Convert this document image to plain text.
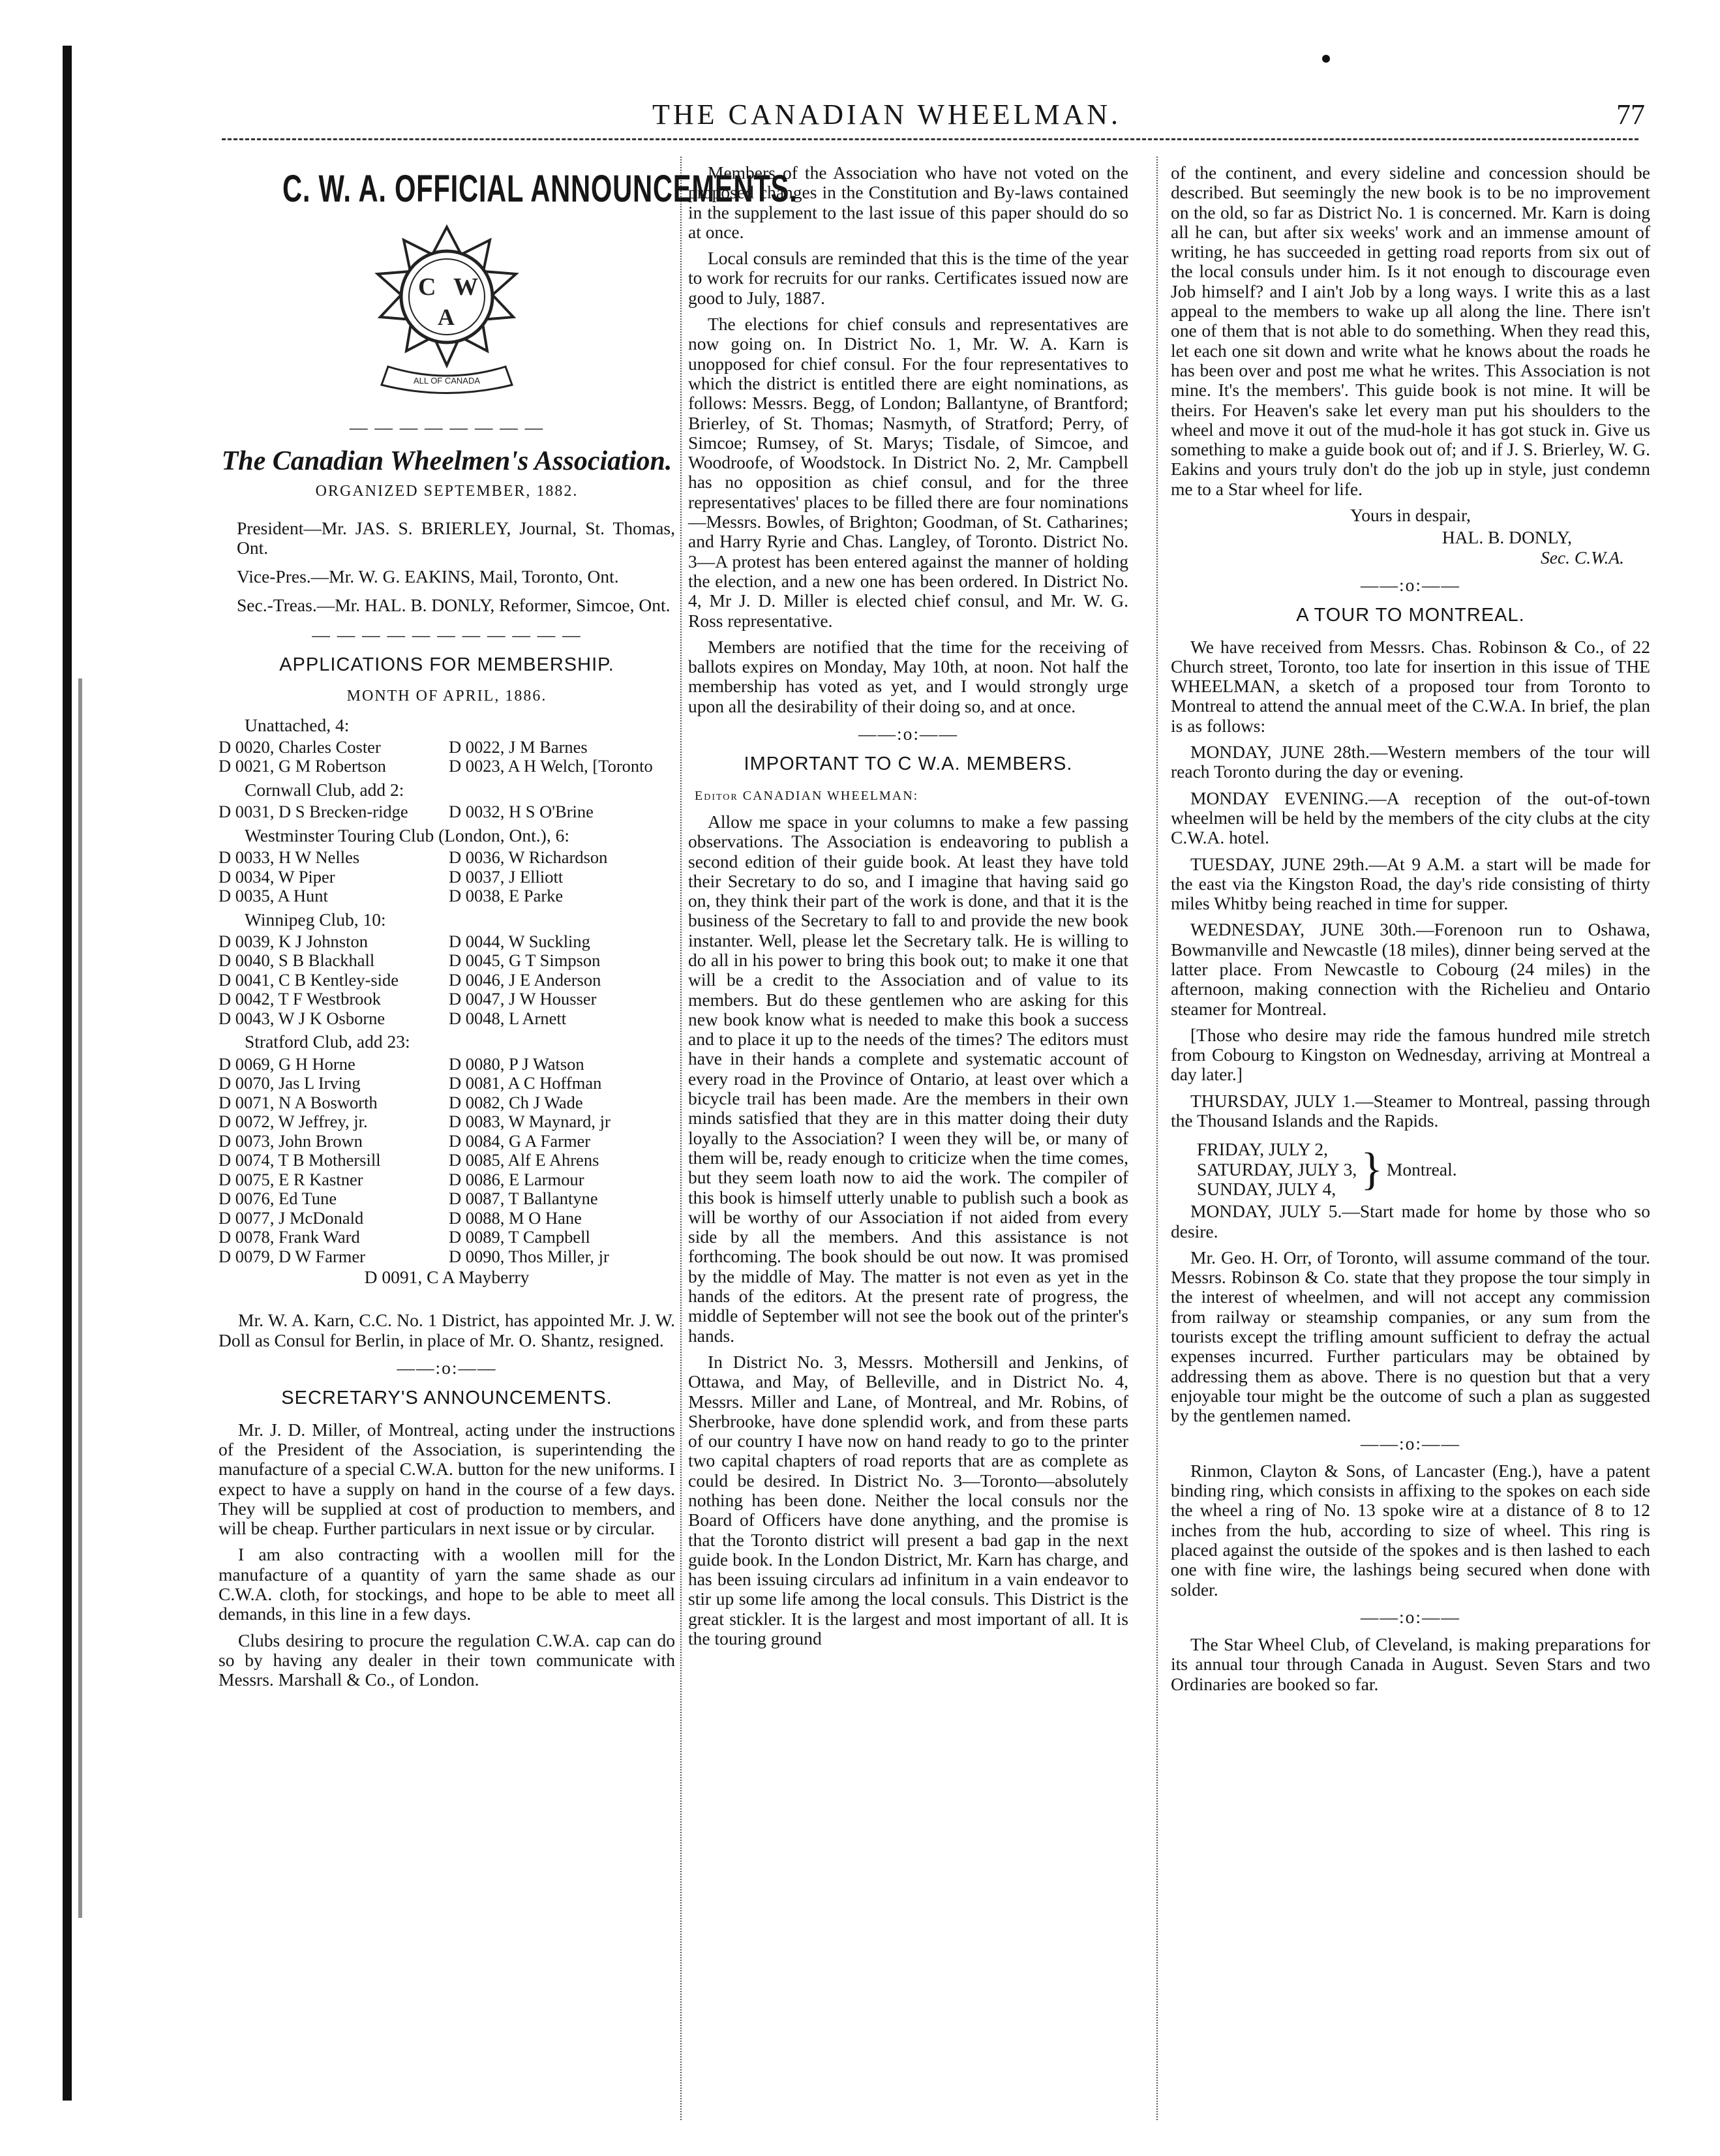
THE CANADIAN WHEELMAN.	77
C. W. A. OFFICIAL ANNOUNCEMENTS.
C W
A
ALL OF CANADA
— — — — — — — —
The Canadian Wheelmen's Association.
ORGANIZED SEPTEMBER, 1882.

President—Mr. JAS. S. BRIERLEY, Journal, St. Thomas, Ont.

Vice-Pres.—Mr. W. G. EAKINS, Mail, Toronto, Ont.

Sec.-Treas.—Mr. HAL. B. DONLY, Reformer, Simcoe, Ont.

— — — — — — — — — — —
APPLICATIONS FOR MEMBERSHIP.
MONTH OF APRIL, 1886.
Unattached, 4:
D 0020, Charles Coster	D 0022, J M Barnes
D 0021, G M Robertson	D 0023, A H Welch, [Toronto
Cornwall Club, add 2:
D 0031, D S Brecken-ridge	D 0032, H S O'Brine
Westminster Touring Club (London, Ont.), 6:
D 0033, H W Nelles	D 0036, W Richardson
D 0034, W Piper	D 0037, J Elliott
D 0035, A Hunt	D 0038, E Parke
Winnipeg Club, 10:
D 0039, K J Johnston	D 0044, W Suckling
D 0040, S B Blackhall	D 0045, G T Simpson
D 0041, C B Kentley-side	D 0046, J E Anderson
D 0042, T F Westbrook	D 0047, J W Housser
D 0043, W J K Osborne	D 0048, L Arnett
Stratford Club, add 23:
D 0069, G H Horne	D 0080, P J Watson
D 0070, Jas L Irving	D 0081, A C Hoffman
D 0071, N A Bosworth	D 0082, Ch J Wade
D 0072, W Jeffrey, jr.	D 0083, W Maynard, jr
D 0073, John Brown	D 0084, G A Farmer
D 0074, T B Mothersill	D 0085, Alf E Ahrens
D 0075, E R Kastner	D 0086, E Larmour
D 0076, Ed Tune	D 0087, T Ballantyne
D 0077, J McDonald	D 0088, M O Hane
D 0078, Frank Ward	D 0089, T Campbell
D 0079, D W Farmer	D 0090, Thos Miller, jr
D 0091, C A Mayberry

Mr. W. A. Karn, C.C. No. 1 District, has appointed Mr. J. W. Doll as Consul for Berlin, in place of Mr. O. Shantz, resigned.

——:o:——
SECRETARY'S ANNOUNCEMENTS.

Mr. J. D. Miller, of Montreal, acting under the instructions of the President of the Association, is superintending the manufacture of a special C.W.A. button for the new uniforms. I expect to have a supply on hand in the course of a few days. They will be supplied at cost of production to members, and will be cheap. Further particulars in next issue or by circular.

I am also contracting with a woollen mill for the manufacture of a quantity of yarn the same shade as our C.W.A. cloth, for stockings, and hope to be able to meet all demands, in this line in a few days.

Clubs desiring to procure the regulation C.W.A. cap can do so by having any dealer in their town communicate with Messrs. Marshall & Co., of London.

Members of the Association who have not voted on the proposed changes in the Constitution and By-laws contained in the supplement to the last issue of this paper should do so at once.

Local consuls are reminded that this is the time of the year to work for recruits for our ranks. Certificates issued now are good to July, 1887.

The elections for chief consuls and representatives are now going on. In District No. 1, Mr. W. A. Karn is unopposed for chief consul. For the four representatives to which the district is entitled there are eight nominations, as follows: Messrs. Begg, of London; Ballantyne, of Brantford; Brierley, of St. Thomas; Nasmyth, of Stratford; Perry, of Simcoe; Rumsey, of St. Marys; Tisdale, of Simcoe, and Woodroofe, of Woodstock. In District No. 2, Mr. Campbell has no opposition as chief consul, and for the three representatives' places to be filled there are four nominations—Messrs. Bowles, of Brighton; Goodman, of St. Catharines; and Harry Ryrie and Chas. Langley, of Toronto. District No. 3—A protest has been entered against the manner of holding the election, and a new one has been ordered. In District No. 4, Mr J. D. Miller is elected chief consul, and Mr. W. G. Ross representative.

Members are notified that the time for the receiving of ballots expires on Monday, May 10th, at noon. Not half the membership has voted as yet, and I would strongly urge upon all the desirability of their doing so, and at once.

——:o:——
IMPORTANT TO C W.A. MEMBERS.
Editor CANADIAN WHEELMAN:

Allow me space in your columns to make a few passing observations. The Association is endeavoring to publish a second edition of their guide book. At least they have told their Secretary to do so, and I imagine that having said go on, they think their part of the work is done, and that it is the business of the Secretary to fall to and provide the new book instanter. Well, please let the Secretary talk. He is willing to do all in his power to bring this book out; to make it one that will be a credit to the Association and of value to its members. But do these gentlemen who are asking for this new book know what is needed to make this book a success and to place it up to the needs of the times? The editors must have in their hands a complete and systematic account of every road in the Province of Ontario, at least over which a bicycle trail has been made. Are the members in their own minds satisfied that they are in this matter doing their duty loyally to the Association? I ween they will be, or many of them will be, ready enough to criticize when the time comes, but they seem loath now to aid the work. The compiler of this book is himself utterly unable to publish such a book as will be worthy of our Association if not aided from every side by all the members. And this assistance is not forthcoming. The book should be out now. It was promised by the middle of May. The matter is not even as yet in the hands of the editors. At the present rate of progress, the middle of September will not see the book out of the printer's hands.

In District No. 3, Messrs. Mothersill and Jenkins, of Ottawa, and May, of Belleville, and in District No. 4, Messrs. Miller and Lane, of Montreal, and Mr. Robins, of Sherbrooke, have done splendid work, and from these parts of our country I have now on hand ready to go to the printer two capital chapters of road reports that are as complete as could be desired. In District No. 3—Toronto—absolutely nothing has been done. Neither the local consuls nor the Board of Officers have done anything, and the promise is that the Toronto district will present a bad gap in the next guide book. In the London District, Mr. Karn has charge, and has been issuing circulars ad infinitum in a vain endeavor to stir up some life among the local consuls. This District is the great stickler. It is the largest and most important of all. It is the touring ground

of the continent, and every sideline and concession should be described. But seemingly the new book is to be no improvement on the old, so far as District No. 1 is concerned. Mr. Karn is doing all he can, but after six weeks' work and an immense amount of writing, he has succeeded in getting road reports from six out of the local consuls under him. Is it not enough to discourage even Job himself? and I ain't Job by a long ways. I write this as a last appeal to the members to wake up all along the line. There isn't one of them that is not able to do something. When they read this, let each one sit down and write what he knows about the roads he has been over and post me what he writes. This Association is not mine. It's the members'. This guide book is not mine. It will be theirs. For Heaven's sake let every man put his shoulders to the wheel and move it out of the mud-hole it has got stuck in. Give us something to make a guide book out of; and if J. S. Brierley, W. G. Eakins and yours truly don't do the job up in style, just condemn me to a Star wheel for life.

Yours in despair,

HAL. B. DONLY,

Sec. C.W.A.

——:o:——
A TOUR TO MONTREAL.

We have received from Messrs. Chas. Robinson & Co., of 22 Church street, Toronto, too late for insertion in this issue of THE WHEELMAN, a sketch of a proposed tour from Toronto to Montreal to attend the annual meet of the C.W.A. In brief, the plan is as follows:

MONDAY, JUNE 28th.—Western members of the tour will reach Toronto during the day or evening.

MONDAY EVENING.—A reception of the out-of-town wheelmen will be held by the members of the city clubs at the city C.W.A. hotel.

TUESDAY, JUNE 29th.—At 9 A.M. a start will be made for the east via the Kingston Road, the day's ride consisting of thirty miles Whitby being reached in time for supper.

WEDNESDAY, JUNE 30th.—Forenoon run to Oshawa, Bowmanville and Newcastle (18 miles), dinner being served at the latter place. From Newcastle to Cobourg (24 miles) in the afternoon, making connection with the Richelieu and Ontario steamer for Montreal.

[Those who desire may ride the famous hundred mile stretch from Cobourg to Kingston on Wednesday, arriving at Montreal a day later.]

THURSDAY, JULY 1.—Steamer to Montreal, passing through the Thousand Islands and the Rapids.

FRIDAY, JULY 2,
SATURDAY, JULY 3,
SUNDAY, JULY 4, } Montreal.

MONDAY, JULY 5.—Start made for home by those who so desire.

Mr. Geo. H. Orr, of Toronto, will assume command of the tour. Messrs. Robinson & Co. state that they propose the tour simply in the interest of wheelmen, and will not accept any commission from railway or steamship companies, or any sum from the tourists except the trifling amount sufficient to defray the actual expenses incurred. Further particulars may be obtained by addressing them as above. There is no question but that a very enjoyable tour might be the outcome of such a plan as suggested by the gentlemen named.

——:o:——

Rinmon, Clayton & Sons, of Lancaster (Eng.), have a patent binding ring, which consists in affixing to the spokes on each side the wheel a ring of No. 13 spoke wire at a distance of 8 to 12 inches from the hub, according to size of wheel. This ring is placed against the outside of the spokes and is then lashed to each one with fine wire, the lashings being secured when done with solder.

——:o:——

The Star Wheel Club, of Cleveland, is making preparations for its annual tour through Canada in August. Seven Stars and two Ordinaries are booked so far.
